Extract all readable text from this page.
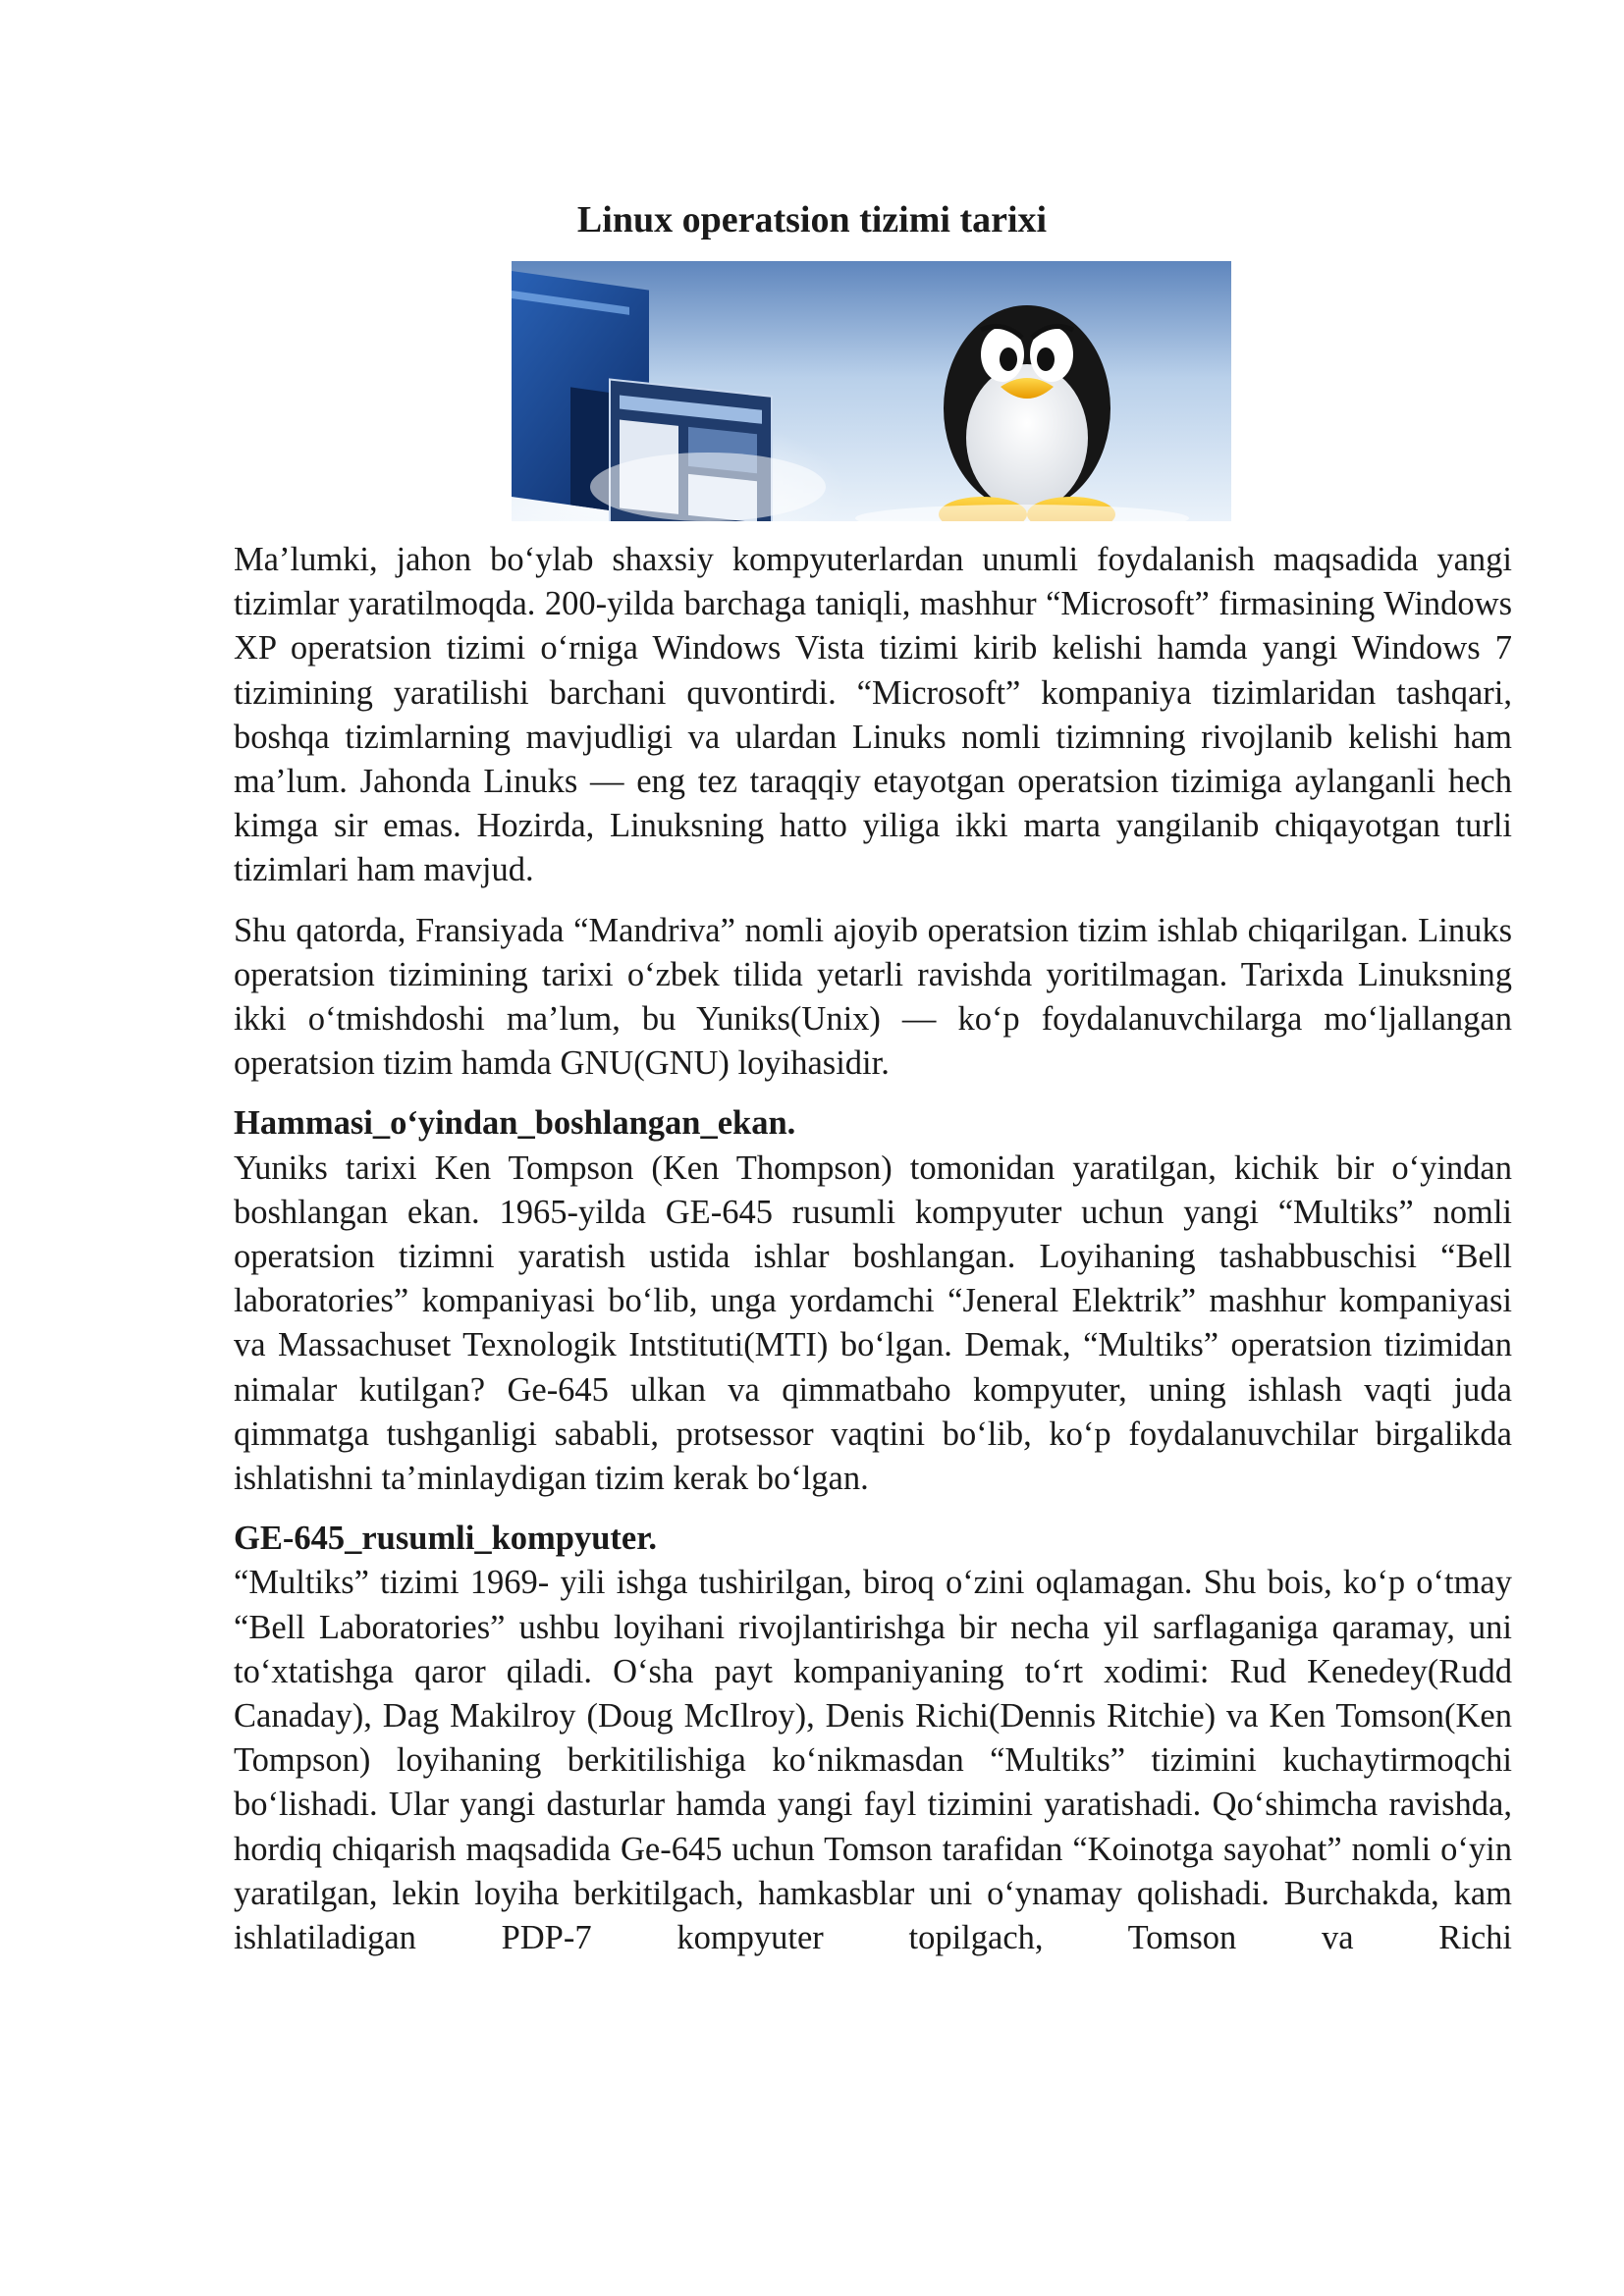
Linux operatsion tizimi tarixi

Ma’lumki, jahon bo‘ylab shaxsiy kompyuterlardan unumli foydalanish maqsadida yangi tizimlar yaratilmoqda. 200-yilda barchaga taniqli, mashhur “Microsoft” firmasining Windows XP operatsion tizimi o‘rniga Windows Vista tizimi kirib kelishi hamda yangi Windows 7 tizimining yaratilishi barchani quvontirdi. “Microsoft” kompaniya tizimlaridan tashqari, boshqa tizimlarning mavjudligi va ulardan Linuks nomli tizimning rivojlanib kelishi ham ma’lum. Jahonda Linuks — eng tez taraqqiy etayotgan operatsion tizimiga aylanganli hech kimga sir emas. Hozirda, Linuksning hatto yiliga ikki marta yangilanib chiqayotgan turli tizimlari ham mavjud.

Shu qatorda, Fransiyada “Mandriva” nomli ajoyib operatsion tizim ishlab chiqarilgan. Linuks operatsion tizimining tarixi o‘zbek tilida yetarli ravishda yoritilmagan. Tarixda Linuksning ikki o‘tmishdoshi ma’lum, bu Yuniks(Unix) — ko‘p foydalanuvchilarga mo‘ljallangan operatsion tizim hamda GNU(GNU) loyihasidir.

Hammasi_o‘yindan_boshlangan_ekan.

Yuniks tarixi Ken Tompson (Ken Thompson) tomonidan yaratilgan, kichik bir o‘yindan boshlangan ekan. 1965-yilda GE-645 rusumli kompyuter uchun yangi “Multiks” nomli operatsion tizimni yaratish ustida ishlar boshlangan. Loyihaning tashabbuschisi “Bell laboratories” kompaniyasi bo‘lib, unga yordamchi “Jeneral Elektrik” mashhur kompaniyasi va Massachuset Texnologik Intstituti(MTI) bo‘lgan. Demak, “Multiks” operatsion tizimidan nimalar kutilgan? Ge-645 ulkan va qimmatbaho kompyuter, uning ishlash vaqti juda qimmatga tushganligi sababli, protsessor vaqtini bo‘lib, ko‘p foydalanuvchilar birgalikda ishlatishni ta’minlaydigan tizim kerak bo‘lgan.

GE-645_rusumli_kompyuter.

“Multiks” tizimi 1969- yili ishga tushirilgan, biroq o‘zini oqlamagan. Shu bois, ko‘p o‘tmay “Bell Laboratories” ushbu loyihani rivojlantirishga bir necha yil sarflaganiga qaramay, uni to‘xtatishga qaror qiladi. O‘sha payt kompaniyaning to‘rt xodimi: Rud Kenedey(Rudd Canaday), Dag Makilroy (Doug McIlroy), Denis Richi(Dennis Ritchie) va Ken Tomson(Ken Tompson) loyihaning berkitilishiga ko‘nikmasdan “Multiks” tizimini kuchaytirmoqchi bo‘lishadi. Ular yangi dasturlar hamda yangi fayl tizimini yaratishadi. Qo‘shimcha ravishda, hordiq chiqarish maqsadida Ge-645 uchun Tomson tarafidan “Koinotga sayohat” nomli o‘yin yaratilgan, lekin loyiha berkitilgach, hamkasblar uni o‘ynamay qolishadi. Burchakda, kam ishlatiladigan PDP-7 kompyuter topilgach, Tomson va Richi
